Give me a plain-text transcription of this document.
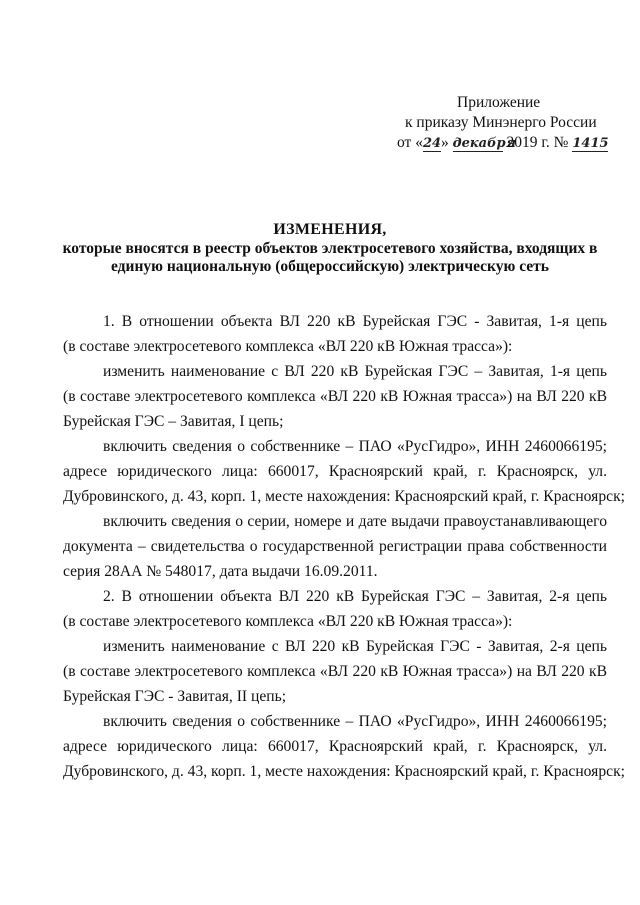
Приложение
к приказу Минэнерго России
от «24» декабря 2019 г. № 1415
ИЗМЕНЕНИЯ,
которые вносятся в реестр объектов электросетевого хозяйства, входящих в
единую национальную (общероссийскую) электрическую сеть
1. В отношении объекта ВЛ 220 кВ Бурейская ГЭС - Завитая, 1-я цепь
(в составе электросетевого комплекса «ВЛ 220 кВ Южная трасса»):
изменить наименование с ВЛ 220 кВ Бурейская ГЭС – Завитая, 1-я цепь
(в составе электросетевого комплекса «ВЛ 220 кВ Южная трасса») на ВЛ 220 кВ
Бурейская ГЭС – Завитая, I цепь;
включить сведения о собственнике – ПАО «РусГидро», ИНН 2460066195;
адресе юридического лица: 660017, Красноярский край, г. Красноярск, ул.
Дубровинского, д. 43, корп. 1, месте нахождения: Красноярский край, г. Красноярск;
включить сведения о серии, номере и дате выдачи правоустанавливающего
документа – свидетельства о государственной регистрации права собственности
серия 28АА № 548017, дата выдачи 16.09.2011.
2. В отношении объекта ВЛ 220 кВ Бурейская ГЭС – Завитая, 2-я цепь
(в составе электросетевого комплекса «ВЛ 220 кВ Южная трасса»):
изменить наименование с ВЛ 220 кВ Бурейская ГЭС - Завитая, 2-я цепь
(в составе электросетевого комплекса «ВЛ 220 кВ Южная трасса») на ВЛ 220 кВ
Бурейская ГЭС - Завитая, II цепь;
включить сведения о собственнике – ПАО «РусГидро», ИНН 2460066195;
адресе юридического лица: 660017, Красноярский край, г. Красноярск, ул.
Дубровинского, д. 43, корп. 1, месте нахождения: Красноярский край, г. Красноярск;
